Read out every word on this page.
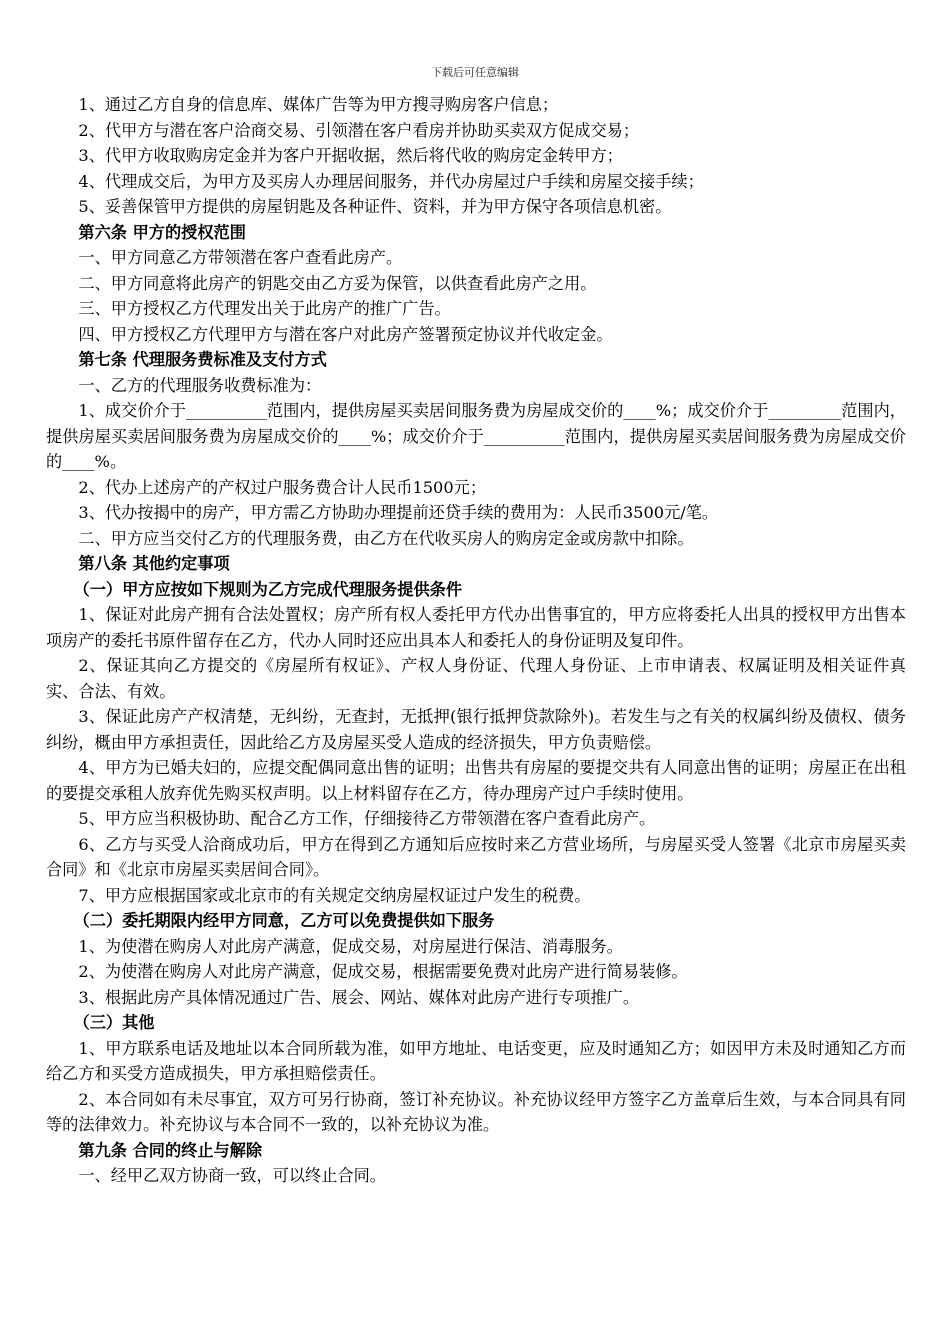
下载后可任意编辑

1、通过乙方自身的信息库、媒体广告等为甲方搜寻购房客户信息；

2、代甲方与潜在客户洽商交易、引领潜在客户看房并协助买卖双方促成交易；

3、代甲方收取购房定金并为客户开据收据，然后将代收的购房定金转甲方；

4、代理成交后，为甲方及买房人办理居间服务，并代办房屋过户手续和房屋交接手续；

5、妥善保管甲方提供的房屋钥匙及各种证件、资料，并为甲方保守各项信息机密。

第六条 甲方的授权范围

一、甲方同意乙方带领潜在客户查看此房产。

二、甲方同意将此房产的钥匙交由乙方妥为保管，以供查看此房产之用。

三、甲方授权乙方代理发出关于此房产的推广广告。

四、甲方授权乙方代理甲方与潜在客户对此房产签署预定协议并代收定金。

第七条 代理服务费标准及支付方式

一、乙方的代理服务收费标准为：

1、成交价介于__________范围内，提供房屋买卖居间服务费为房屋成交价的____%；成交价介于_________范围内，提供房屋买卖居间服务费为房屋成交价的____%；成交价介于__________范围内，提供房屋买卖居间服务费为房屋成交价的____%。

2、代办上述房产的产权过户服务费合计人民币1500元；

3、代办按揭中的房产，甲方需乙方协助办理提前还贷手续的费用为：人民币3500元/笔。

二、甲方应当交付乙方的代理服务费，由乙方在代收买房人的购房定金或房款中扣除。

第八条 其他约定事项

（一）甲方应按如下规则为乙方完成代理服务提供条件

1、保证对此房产拥有合法处置权；房产所有权人委托甲方代办出售事宜的，甲方应将委托人出具的授权甲方出售本项房产的委托书原件留存在乙方，代办人同时还应出具本人和委托人的身份证明及复印件。

2、保证其向乙方提交的《房屋所有权证》、产权人身份证、代理人身份证、上市申请表、权属证明及相关证件真实、合法、有效。

3、保证此房产产权清楚，无纠纷，无查封，无抵押(银行抵押贷款除外)。若发生与之有关的权属纠纷及债权、债务纠纷，概由甲方承担责任，因此给乙方及房屋买受人造成的经济损失，甲方负责赔偿。

4、甲方为已婚夫妇的，应提交配偶同意出售的证明；出售共有房屋的要提交共有人同意出售的证明；房屋正在出租的要提交承租人放弃优先购买权声明。以上材料留存在乙方，待办理房产过户手续时使用。

5、甲方应当积极协助、配合乙方工作，仔细接待乙方带领潜在客户查看此房产。

6、乙方与买受人洽商成功后，甲方在得到乙方通知后应按时来乙方营业场所，与房屋买受人签署《北京市房屋买卖合同》和《北京市房屋买卖居间合同》。

7、甲方应根据国家或北京市的有关规定交纳房屋权证过户发生的税费。

（二）委托期限内经甲方同意，乙方可以免费提供如下服务

1、为使潜在购房人对此房产满意，促成交易，对房屋进行保洁、消毒服务。

2、为使潜在购房人对此房产满意，促成交易，根据需要免费对此房产进行简易装修。

3、根据此房产具体情况通过广告、展会、网站、媒体对此房产进行专项推广。

（三）其他

1、甲方联系电话及地址以本合同所载为准，如甲方地址、电话变更，应及时通知乙方；如因甲方未及时通知乙方而给乙方和买受方造成损失，甲方承担赔偿责任。

2、本合同如有未尽事宜，双方可另行协商，签订补充协议。补充协议经甲方签字乙方盖章后生效，与本合同具有同等的法律效力。补充协议与本合同不一致的，以补充协议为准。

第九条 合同的终止与解除

一、经甲乙双方协商一致，可以终止合同。
